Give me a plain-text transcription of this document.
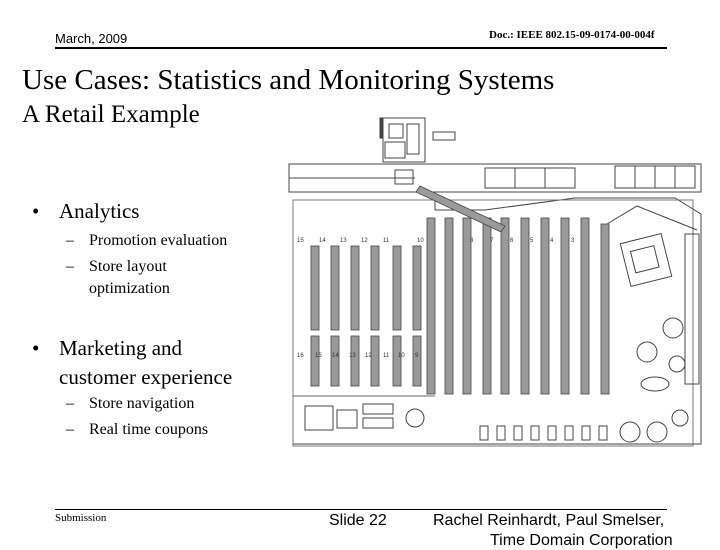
March, 2009	Doc.: IEEE 802.15-09-0174-00-004f
Use Cases: Statistics and Monitoring Systems
A Retail Example
• Analytics
– Promotion evaluation
– Store layout
optimization
• Marketing and
customer experience
– Store navigation
– Real time coupons
15	14 13 12	11	10	8	7	6	5	4	3
16 15 14 13 12 11 10 9
Submission	Slide 22	Rachel Reinhardt, Paul Smelser,
Time Domain Corporation
